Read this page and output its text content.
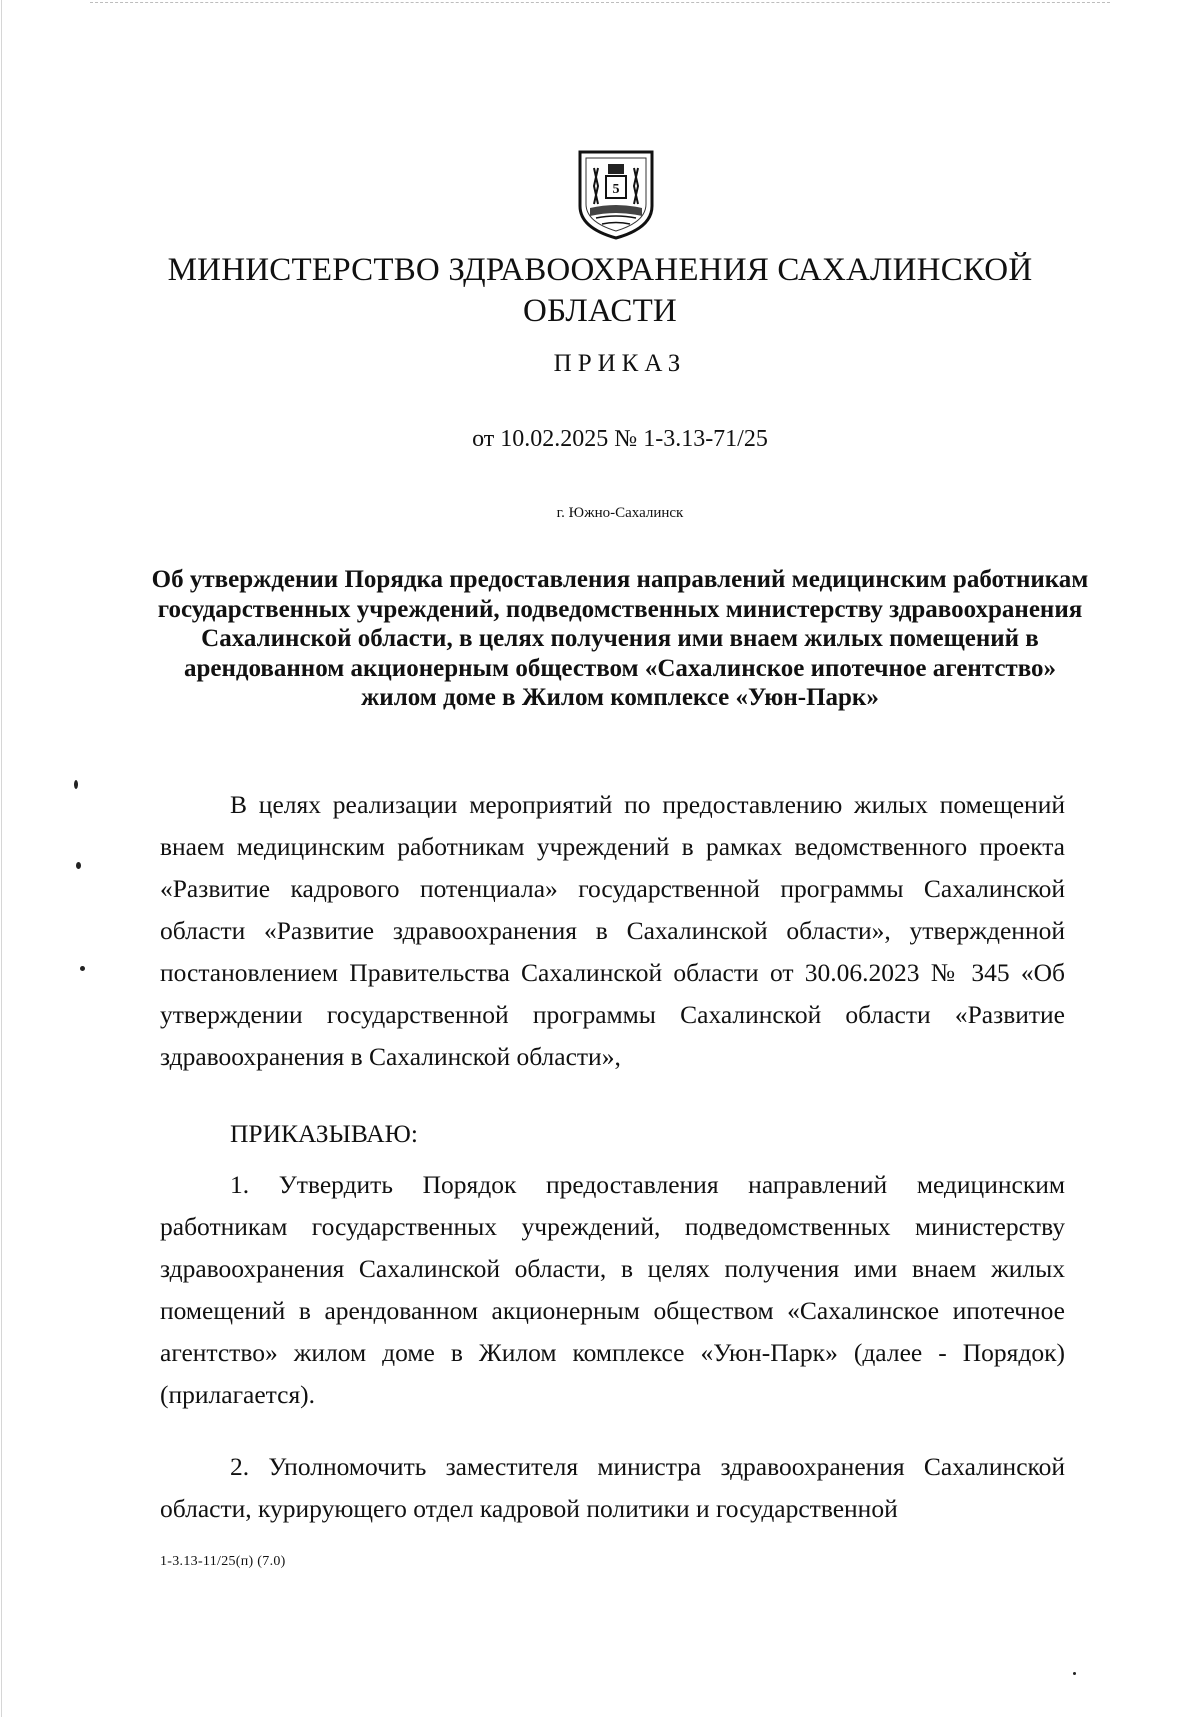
5
МИНИСТЕРСТВО ЗДРАВООХРАНЕНИЯ САХАЛИНСКОЙ ОБЛАСТИ
ПРИКАЗ
от 10.02.2025 № 1-3.13-71/25
г. Южно-Сахалинск
Об утверждении Порядка предоставления направлений медицинским работникам государственных учреждений, подведомственных министерству здравоохранения Сахалинской области, в целях получения ими внаем жилых помещений в арендованном акционерным обществом «Сахалинское ипотечное агентство» жилом доме в Жилом комплексе «Уюн-Парк»

В целях реализации мероприятий по предоставлению жилых помещений внаем медицинским работникам учреждений в рамках ведомственного проекта «Развитие кадрового потенциала» государственной программы Сахалинской области «Развитие здравоохранения в Сахалинской области», утвержденной постановлением Правительства Сахалинской области от 30.06.2023 № 345 «Об утверждении государственной программы Сахалинской области «Развитие здравоохранения в Сахалинской области»,

ПРИКАЗЫВАЮ:

1. Утвердить Порядок предоставления направлений медицинским работникам государственных учреждений, подведомственных министерству здравоохранения Сахалинской области, в целях получения ими внаем жилых помещений в арендованном акционерным обществом «Сахалинское ипотечное агентство» жилом доме в Жилом комплексе «Уюн-Парк» (далее - Порядок) (прилагается).

2. Уполномочить заместителя министра здравоохранения Сахалинской области, курирующего отдел кадровой политики и государственной

1-3.13-11/25(п) (7.0)
